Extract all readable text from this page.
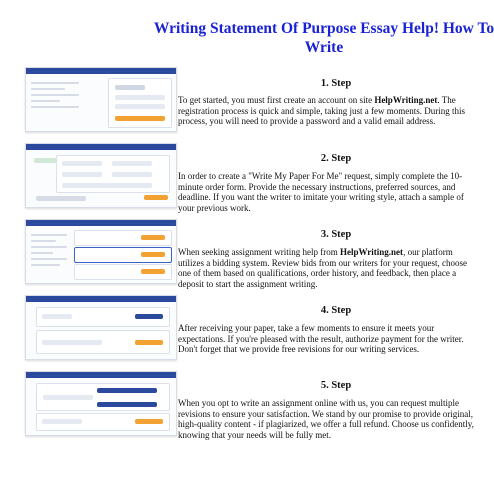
Writing Statement Of Purpose Essay Help! How To Write
1. Step
To get started, you must first create an account on site HelpWriting.net. The registration process is quick and simple, taking just a few moments. During this process, you will need to provide a password and a valid email address.
2. Step
In order to create a "Write My Paper For Me" request, simply complete the 10-minute order form. Provide the necessary instructions, preferred sources, and deadline. If you want the writer to imitate your writing style, attach a sample of your previous work.
3. Step
When seeking assignment writing help from HelpWriting.net, our platform utilizes a bidding system. Review bids from our writers for your request, choose one of them based on qualifications, order history, and feedback, then place a deposit to start the assignment writing.
4. Step
After receiving your paper, take a few moments to ensure it meets your expectations. If you're pleased with the result, authorize payment for the writer. Don't forget that we provide free revisions for our writing services.
5. Step
When you opt to write an assignment online with us, you can request multiple revisions to ensure your satisfaction. We stand by our promise to provide original, high-quality content - if plagiarized, we offer a full refund. Choose us confidently, knowing that your needs will be fully met.
